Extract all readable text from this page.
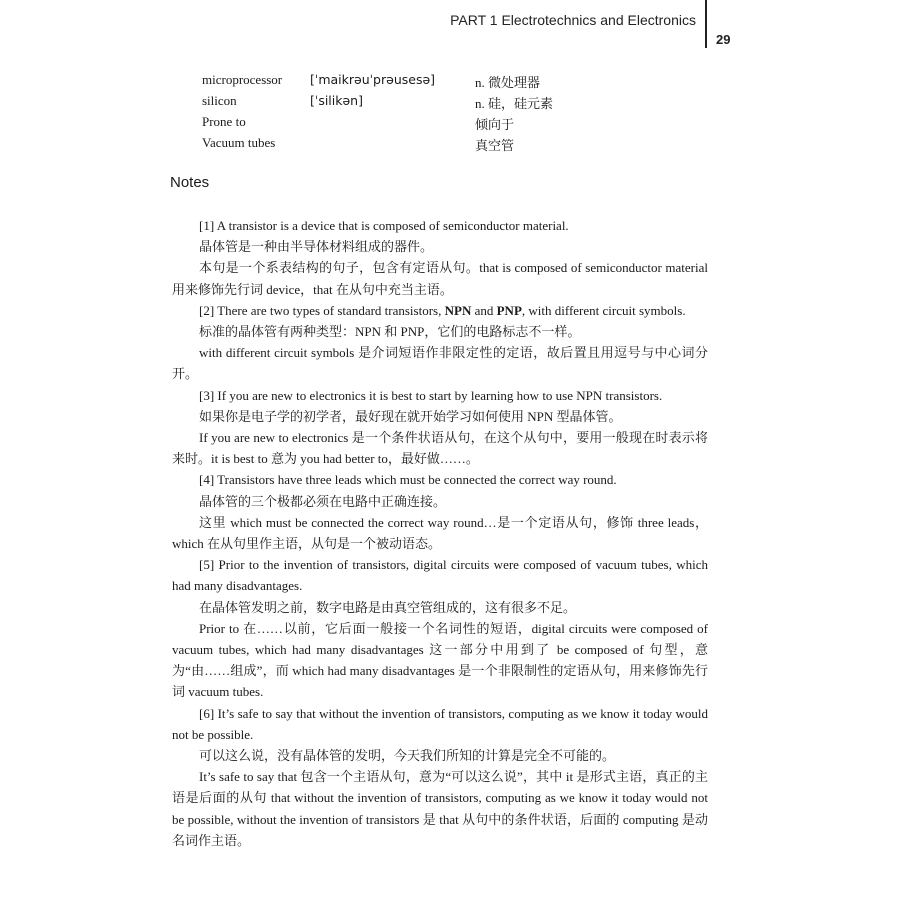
PART 1 Electrotechnics and Electronics
29
microprocessor [ˈmaikrəuˈprəusesə]	n. 微处理器
silicon	[ˈsilikən]	n. 硅，硅元素
Prone to	倾向于
Vacuum tubes	真空管
Notes

[1] A transistor is a device that is composed of semiconductor material.

晶体管是一种由半导体材料组成的器件。

本句是一个系表结构的句子，包含有定语从句。that is composed of semiconductor material 用来修饰先行词 device，that 在从句中充当主语。

[2] There are two types of standard transistors, NPN and PNP, with different circuit symbols.

标准的晶体管有两种类型：NPN 和 PNP，它们的电路标志不一样。

with different circuit symbols 是介词短语作非限定性的定语，故后置且用逗号与中心词分开。

[3] If you are new to electronics it is best to start by learning how to use NPN transistors.

如果你是电子学的初学者，最好现在就开始学习如何使用 NPN 型晶体管。

If you are new to electronics 是一个条件状语从句，在这个从句中，要用一般现在时表示将来时。it is best to 意为 you had better to，最好做……。

[4] Transistors have three leads which must be connected the correct way round.

晶体管的三个极都必须在电路中正确连接。

这里 which must be connected the correct way round…是一个定语从句，修饰 three leads，which 在从句里作主语，从句是一个被动语态。

[5] Prior to the invention of transistors, digital circuits were composed of vacuum tubes, which had many disadvantages.

在晶体管发明之前，数字电路是由真空管组成的，这有很多不足。

Prior to 在……以前，它后面一般接一个名词性的短语，digital circuits were composed of vacuum tubes, which had many disadvantages 这一部分中用到了 be composed of 句型，意为“由……组成”，而 which had many disadvantages 是一个非限制性的定语从句，用来修饰先行词 vacuum tubes.

[6] It’s safe to say that without the invention of transistors, computing as we know it today would not be possible.

可以这么说，没有晶体管的发明，今天我们所知的计算是完全不可能的。

It’s safe to say that 包含一个主语从句，意为“可以这么说”，其中 it 是形式主语，真正的主语是后面的从句 that without the invention of transistors, computing as we know it today would not be possible, without the invention of transistors 是 that 从句中的条件状语，后面的 computing 是动名词作主语。
